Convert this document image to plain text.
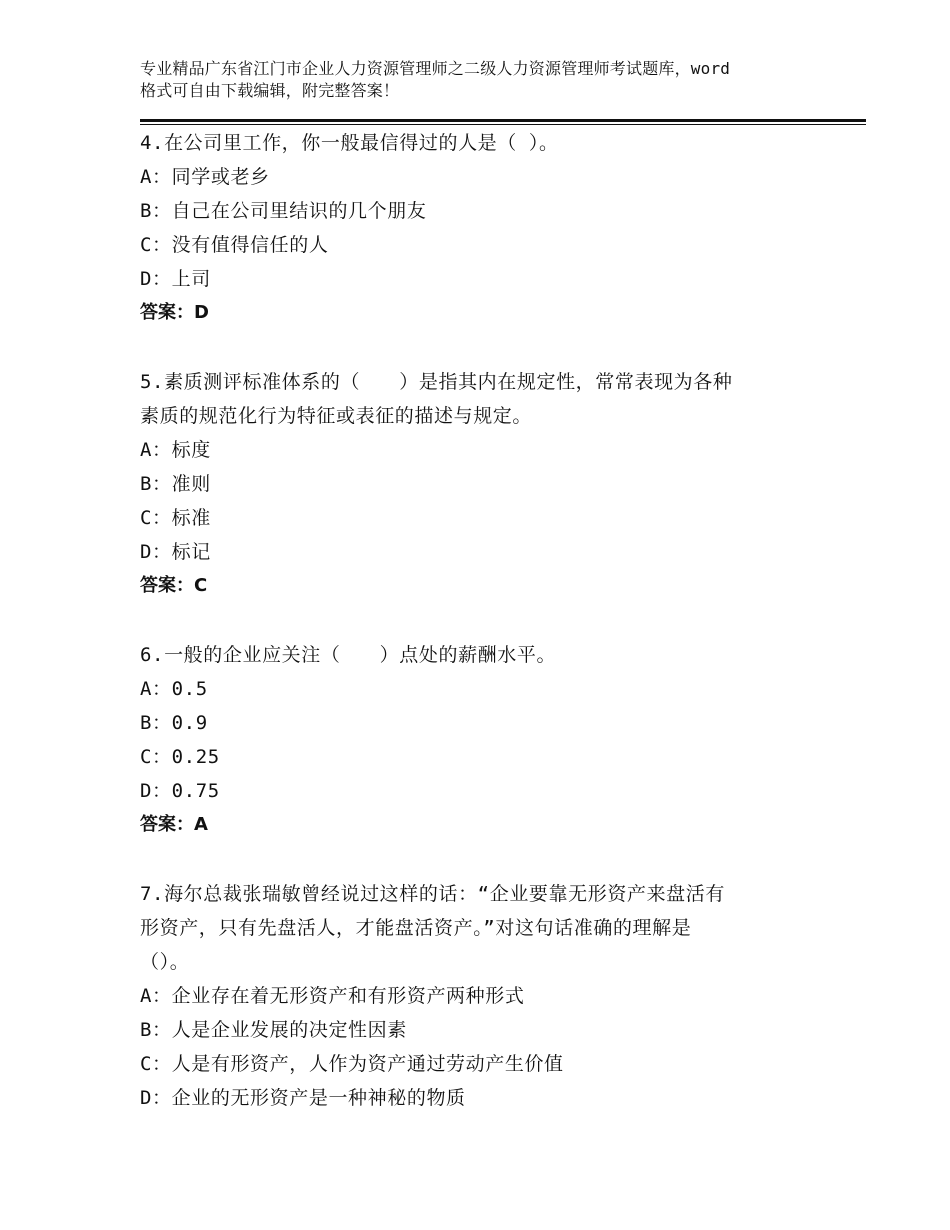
专业精品广东省江门市企业人力资源管理师之二级人力资源管理师考试题库，word
格式可自由下载编辑，附完整答案！
4.在公司里工作，你一般最信得过的人是（ ）。
A：同学或老乡
B：自己在公司里结识的几个朋友
C：没有值得信任的人
D：上司
答案：D
5.素质测评标准体系的（　　）是指其内在规定性，常常表现为各种
素质的规范化行为特征或表征的描述与规定。
A：标度
B：准则
C：标准
D：标记
答案：C
6.一般的企业应关注（　　）点处的薪酬水平。
A：0.5
B：0.9
C：0.25
D：0.75
答案：A
7.海尔总裁张瑞敏曾经说过这样的话：“企业要靠无形资产来盘活有
形资产，只有先盘活人，才能盘活资产。”对这句话准确的理解是
（）。
A：企业存在着无形资产和有形资产两种形式
B：人是企业发展的决定性因素
C：人是有形资产，人作为资产通过劳动产生价值
D：企业的无形资产是一种神秘的物质
